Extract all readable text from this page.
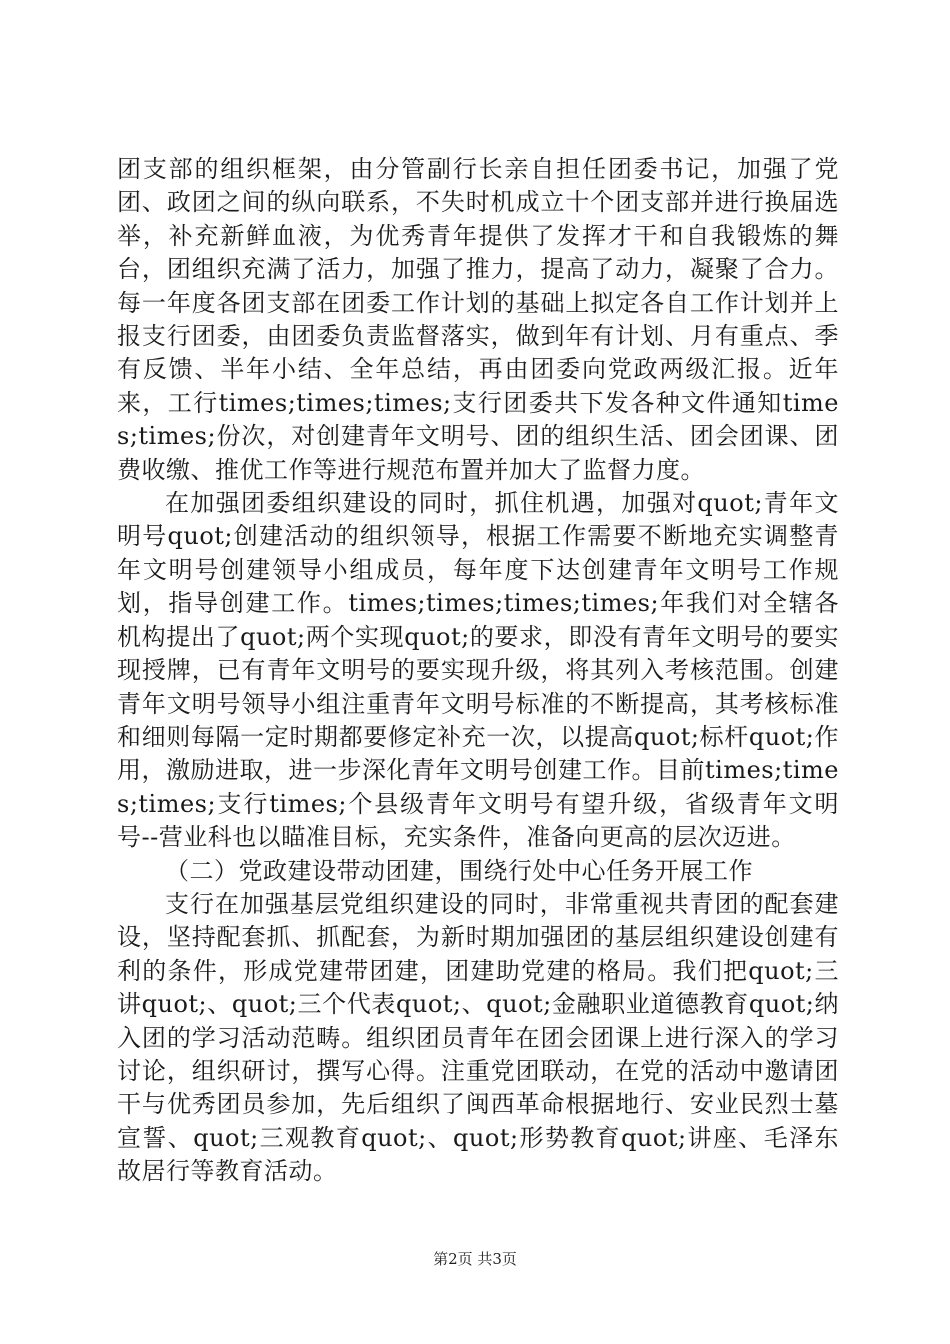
团支部的组织框架，由分管副行长亲自担任团委书记，加强了党团、政团之间的纵向联系，不失时机成立十个团支部并进行换届选举，补充新鲜血液，为优秀青年提供了发挥才干和自我锻炼的舞台，团组织充满了活力，加强了推力，提高了动力，凝聚了合力。每一年度各团支部在团委工作计划的基础上拟定各自工作计划并上报支行团委，由团委负责监督落实，做到年有计划、月有重点、季有反馈、半年小结、全年总结，再由团委向党政两级汇报。近年来，工行times;times;times;支行团委共下发各种文件通知times;times;份次，对创建青年文明号、团的组织生活、团会团课、团费收缴、推优工作等进行规范布置并加大了监督力度。

在加强团委组织建设的同时，抓住机遇，加强对quot;青年文明号quot;创建活动的组织领导，根据工作需要不断地充实调整青年文明号创建领导小组成员，每年度下达创建青年文明号工作规划，指导创建工作。times;times;times;times;年我们对全辖各机构提出了quot;两个实现quot;的要求，即没有青年文明号的要实现授牌，已有青年文明号的要实现升级，将其列入考核范围。创建青年文明号领导小组注重青年文明号标准的不断提高，其考核标准和细则每隔一定时期都要修定补充一次，以提高quot;标杆quot;作用，激励进取，进一步深化青年文明号创建工作。目前times;times;times;支行times;个县级青年文明号有望升级，省级青年文明号--营业科也以瞄准目标，充实条件，准备向更高的层次迈进。

（二）党政建设带动团建，围绕行处中心任务开展工作

支行在加强基层党组织建设的同时，非常重视共青团的配套建设，坚持配套抓、抓配套，为新时期加强团的基层组织建设创建有利的条件，形成党建带团建，团建助党建的格局。我们把quot;三讲quot;、quot;三个代表quot;、quot;金融职业道德教育quot;纳入团的学习活动范畴。组织团员青年在团会团课上进行深入的学习讨论，组织研讨，撰写心得。注重党团联动，在党的活动中邀请团干与优秀团员参加，先后组织了闽西革命根据地行、安业民烈士墓宣誓、quot;三观教育quot;、quot;形势教育quot;讲座、毛泽东故居行等教育活动。

第2页 共3页
